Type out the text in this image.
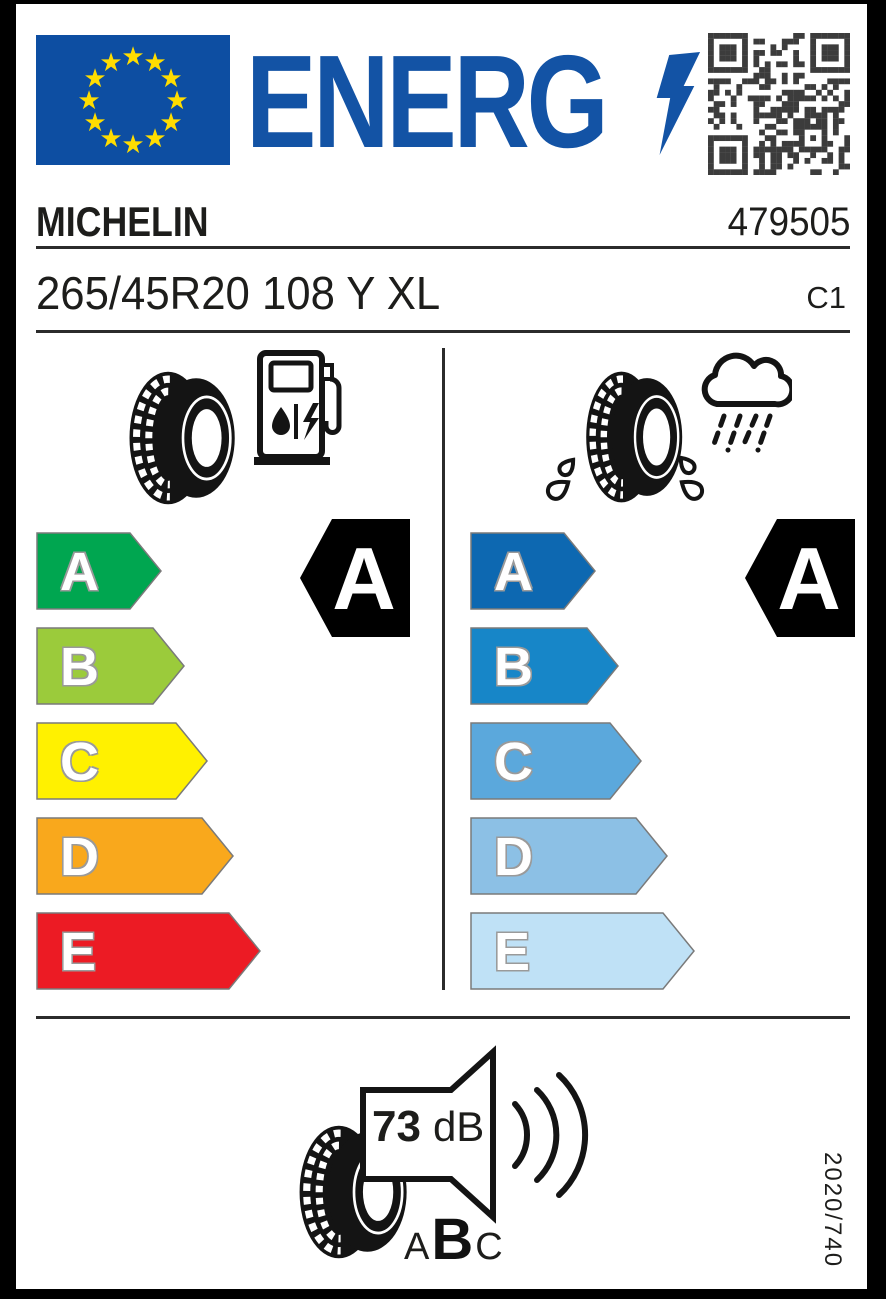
★
★
★
★
★
★
★
★
★
★
★
★ ENERG
MICHELIN	479505
265/45R20 108 Y XL	C1
A
B
C
D
E
A A
B
C
D
E
A
73 dB
A B C	2020/740
